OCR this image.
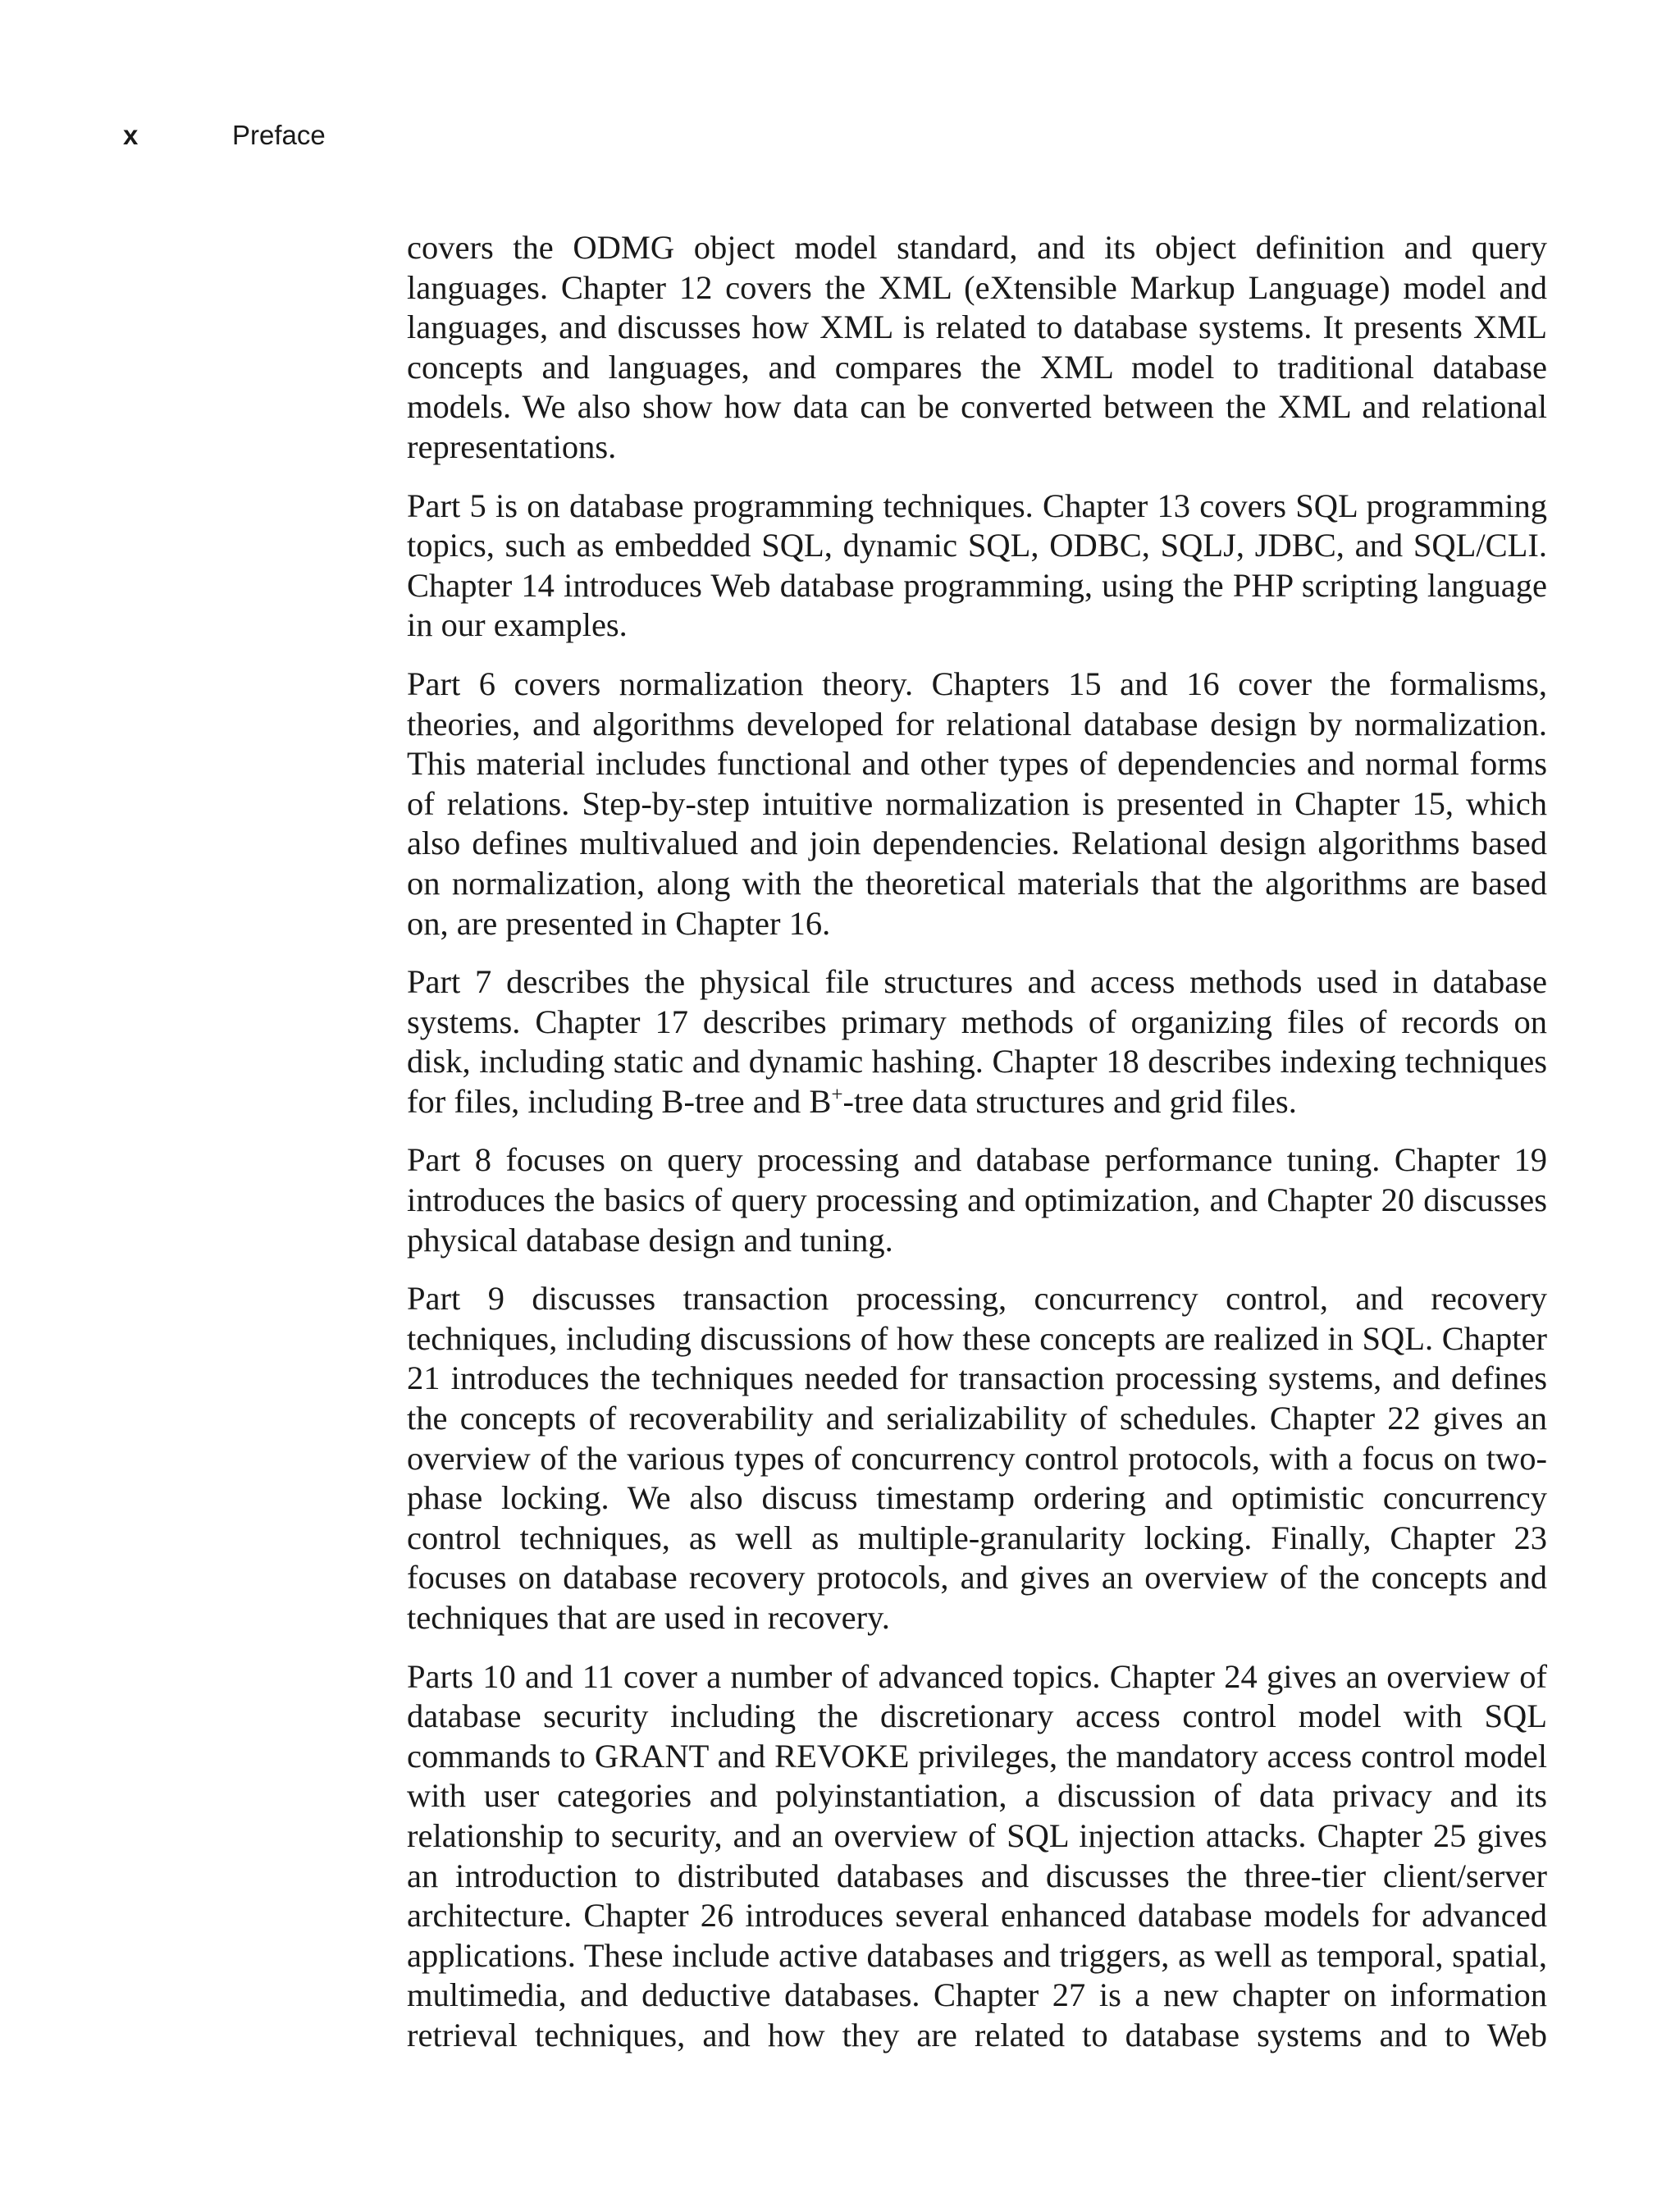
x	Preface

covers the ODMG object model standard, and its object definition and query languages. Chapter 12 covers the XML (eXtensible Markup Language) model and languages, and discusses how XML is related to database systems. It presents XML concepts and languages, and compares the XML model to traditional database models. We also show how data can be converted between the XML and relational representations.

Part 5 is on database programming techniques. Chapter 13 covers SQL programming topics, such as embedded SQL, dynamic SQL, ODBC, SQLJ, JDBC, and SQL/CLI. Chapter 14 introduces Web database programming, using the PHP scripting language in our examples.

Part 6 covers normalization theory. Chapters 15 and 16 cover the formalisms, theories, and algorithms developed for relational database design by normalization. This material includes functional and other types of dependencies and normal forms of relations. Step-by-step intuitive normalization is presented in Chapter 15, which also defines multivalued and join dependencies. Relational design algorithms based on normalization, along with the theoretical materials that the algorithms are based on, are presented in Chapter 16.

Part 7 describes the physical file structures and access methods used in database systems. Chapter 17 describes primary methods of organizing files of records on disk, including static and dynamic hashing. Chapter 18 describes indexing techniques for files, including B-tree and B+-tree data structures and grid files.

Part 8 focuses on query processing and database performance tuning. Chapter 19 introduces the basics of query processing and optimization, and Chapter 20 discusses physical database design and tuning.

Part 9 discusses transaction processing, concurrency control, and recovery techniques, including discussions of how these concepts are realized in SQL. Chapter 21 introduces the techniques needed for transaction processing systems, and defines the concepts of recoverability and serializability of schedules. Chapter 22 gives an overview of the various types of concurrency control protocols, with a focus on two-phase locking. We also discuss timestamp ordering and optimistic concurrency control techniques, as well as multiple-granularity locking. Finally, Chapter 23 focuses on database recovery protocols, and gives an overview of the concepts and techniques that are used in recovery.

Parts 10 and 11 cover a number of advanced topics. Chapter 24 gives an overview of database security including the discretionary access control model with SQL commands to GRANT and REVOKE privileges, the mandatory access control model with user categories and polyinstantiation, a discussion of data privacy and its relationship to security, and an overview of SQL injection attacks. Chapter 25 gives an introduction to distributed databases and discusses the three-tier client/server architecture. Chapter 26 introduces several enhanced database models for advanced applications. These include active databases and triggers, as well as temporal, spatial, multimedia, and deductive databases. Chapter 27 is a new chapter on information retrieval techniques, and how they are related to database systems and to Web
